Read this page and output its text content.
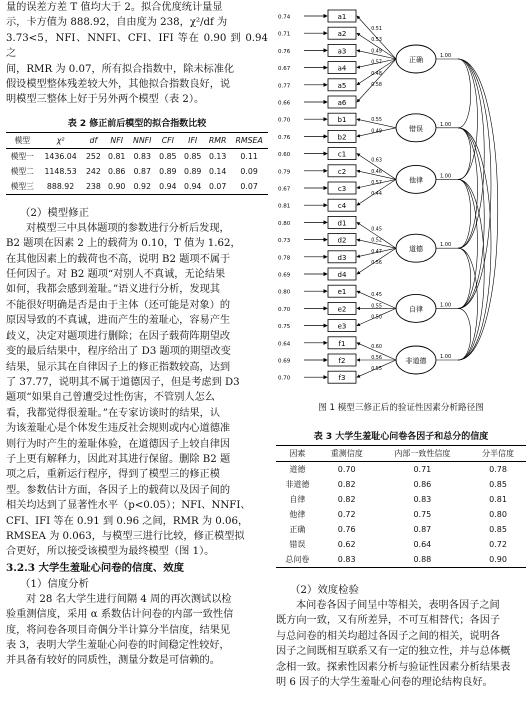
量的误差方差 T 值均大于 2。拟合优度统计量显

示，卡方值为 888.92，自由度为 238，χ²/df 为

3.73<5，NFI、NNFI、CFI、IFI 等在 0.90 到 0.94 之

间，RMR 为 0.07，所有拟合指数中，除未标准化

假设模型整体残差较大外，其他拟合指数良好，说

明模型三整体上好于另外两个模型（表 2）。

表 2 修正前后模型的拟合指数比较
模型	χ²	df	NFI	NNFI	CFI	IFI	RMR	RMSEA
模型一	1436.04	252	0.81	0.83	0.85	0.85	0.13	0.11
模型二	1148.53	242	0.86	0.87	0.89	0.89	0.14	0.09
模型三	888.92	238	0.90	0.92	0.94	0.94	0.07	0.07

（2）模型修正

对模型三中具体题项的参数进行分析后发现，

B2 题项在因素 2 上的载荷为 0.10，T 值为 1.62，

在其他因素上的载荷也不高，说明 B2 题项不属于

任何因子。对 B2 题项“对别人不真诚，无论结果

如何，我都会感到羞耻。”语义进行分析，发现其

不能很好明确是否是由于主体（还可能是对象）的

原因导致的不真诚，进而产生的羞耻心，容易产生

歧义，决定对题项进行删除；在因子载荷阵期望改

变的最后结果中，程序给出了 D3 题项的期望改变

结果，显示其在自律因子上的修正指数较高，达到

了 37.77，说明其不属于道德因子，但是考虑到 D3

题项“如果自己曾遭受过性伤害，不管别人怎么

看，我都觉得很羞耻。”在专家访谈时的结果，认

为该羞耻心是个体发生违反社会规则或内心道德准

则行为时产生的羞耻体验，在道德因子上较自律因

子上更有解释力，因此对其进行保留。删除 B2 题

项之后，重新运行程序，得到了模型三的修正模

型。参数估计方面，各因子上的载荷以及因子间的

相关均达到了显著性水平（p<0.05）；NFI、NNFI、

CFI、IFI 等在 0.91 到 0.96 之间，RMR 为 0.06，

RMSEA 为 0.063，与模型三进行比较，修正模型拟

合更好，所以接受该模型为最终模型（图 1）。

3.2.3 大学生羞耻心问卷的信度、效度

（1）信度分析

对 28 名大学生进行间隔 4 周的再次测试以检

验重测信度，采用 α 系数估计问卷的内部一致性信

度，将问卷各项目奇偶分半计算分半信度，结果见

表 3，表明大学生羞耻心问卷的时间稳定性较好，

并具备有较好的同质性，测量分数是可信赖的。

0.74	a1
0.71	a2
0.76	a3
0.67	a4
0.77	a5
0.66	a6
0.70	b1
0.76	b2
0.60	c1
0.79	c2
0.67	c3
0.81	c4
0.80	d1
0.73	d2
0.78	d3
0.69	d4
0.80	e1
0.70	e2
0.75	e3
0.64	f1
0.69	f2
0.70	f3
0.51
0.53
0.49
0.57
0.48
0.58
正确	1.00
0.55
0.49	错误	1.00
0.63
0.46
0.57
0.44
他律	1.00
0.45
0.52
0.47
0.56
道德	1.00
0.45
0.55
0.50
自律	1.00
0.60
0.56
0.55
非道德	1.00

图 1 模型三修正后的验证性因素分析路径图

表 3 大学生羞耻心问卷各因子和总分的信度
因素	重测信度	内部一致性信度	分半信度
道德	0.70	0.71	0.78
非道德	0.82	0.86	0.85
自律	0.82	0.83	0.81
他律	0.72	0.75	0.80
正确	0.76	0.87	0.85
错误	0.62	0.64	0.72
总问卷	0.83	0.88	0.90

（2）效度检验

本问卷各因子间呈中等相关，表明各因子之间

既方向一致，又有所差异，不可互相替代；各因子

与总问卷的相关均超过各因子之间的相关，说明各

因子之间既相互联系又有一定的独立性，并与总体概

念相一致。探索性因素分析与验证性因素分析结果表

明 6 因子的大学生羞耻心问卷的理论结构良好。
